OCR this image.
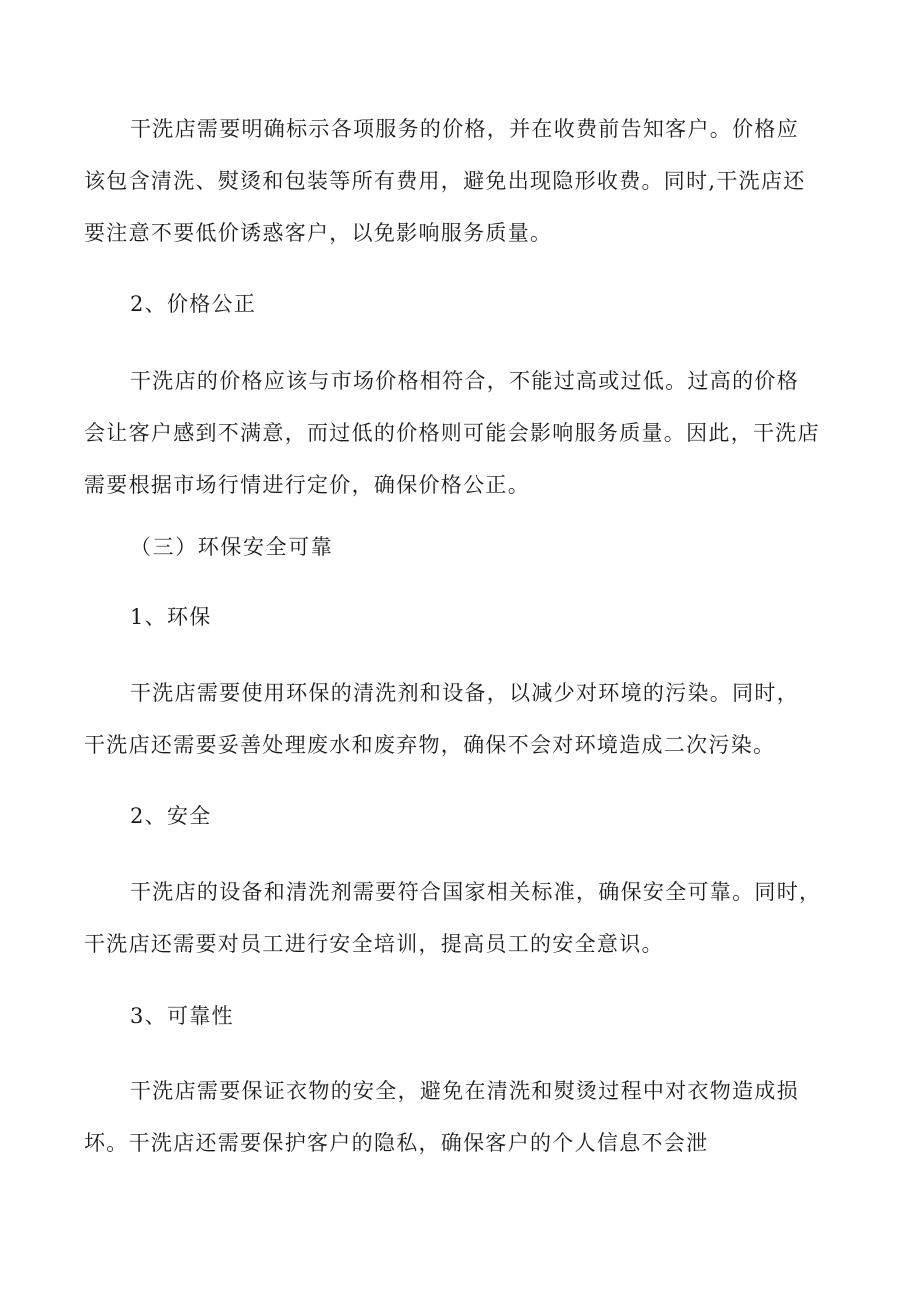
干洗店需要明确标示各项服务的价格，并在收费前告知客户。价格应
该包含清洗、熨烫和包装等所有费用，避免出现隐形收费。同时,干洗店还
要注意不要低价诱惑客户，以免影响服务质量。

2、价格公正

干洗店的价格应该与市场价格相符合，不能过高或过低。过高的价格
会让客户感到不满意，而过低的价格则可能会影响服务质量。因此，干洗店
需要根据市场行情进行定价，确保价格公正。

（三）环保安全可靠

1、环保

干洗店需要使用环保的清洗剂和设备，以减少对环境的污染。同时，
干洗店还需要妥善处理废水和废弃物，确保不会对环境造成二次污染。

2、安全

干洗店的设备和清洗剂需要符合国家相关标准，确保安全可靠。同时，
干洗店还需要对员工进行安全培训，提高员工的安全意识。

3、可靠性

干洗店需要保证衣物的安全，避免在清洗和熨烫过程中对衣物造成损
坏。干洗店还需要保护客户的隐私，确保客户的个人信息不会泄
